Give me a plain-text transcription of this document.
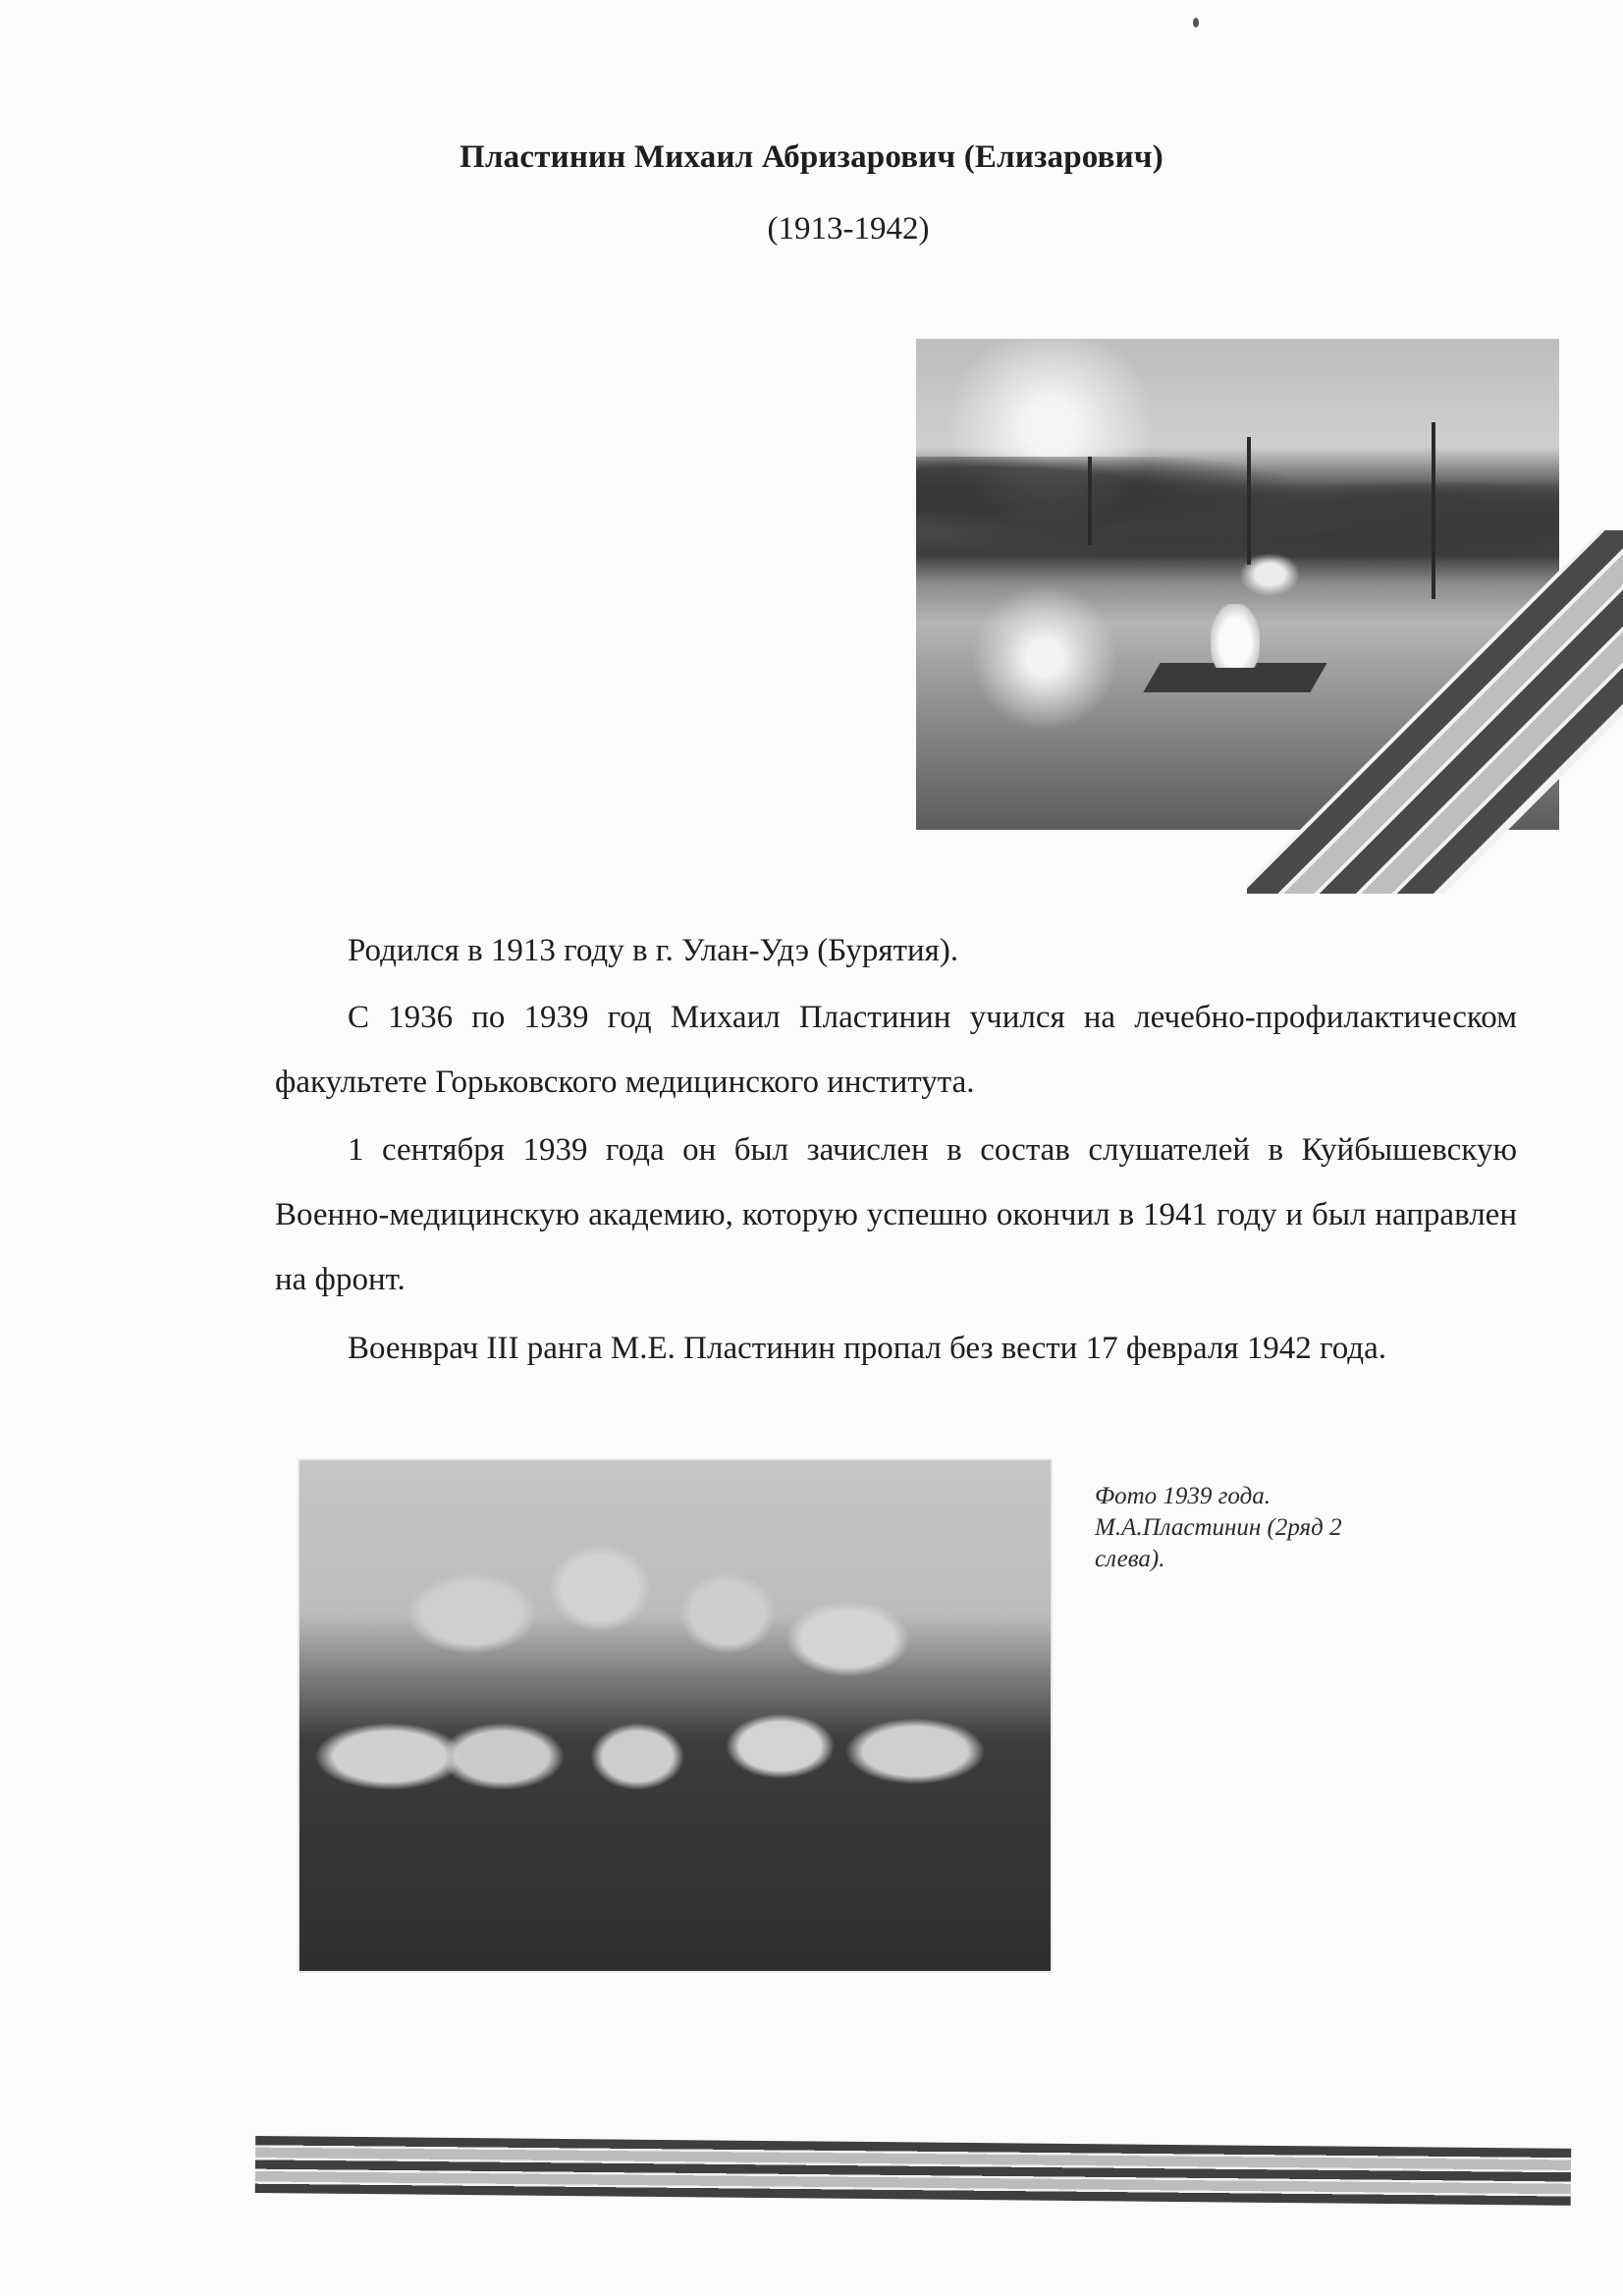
Пластинин Михаил Абризарович (Елизарович)
(1913-1942)

Родился в 1913 году в г. Улан-Удэ (Бурятия).

С 1936 по 1939 год Михаил Пластинин учился на лечебно-профилактическом факультете Горьковского медицинского института.

1 сентября 1939 года он был зачислен в состав слушателей в Куйбышевскую Военно-медицинскую академию, которую успешно окончил в 1941 году и был направлен на фронт.

Военврач III ранга М.Е. Пластинин пропал без вести 17 февраля 1942 года.

Фото 1939 года.
М.А.Пластинин (2ряд 2
слева).
